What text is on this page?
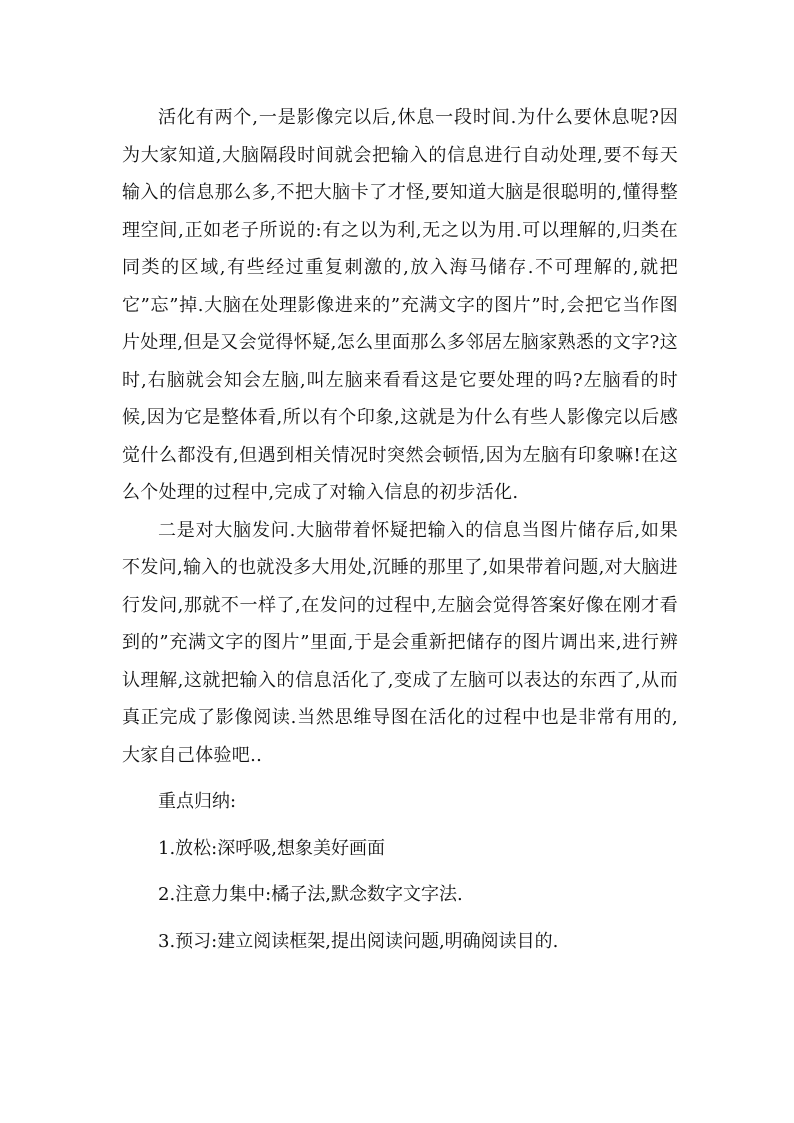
活化有两个,一是影像完以后,休息一段时间.为什么要休息呢?因为大家知道,大脑隔段时间就会把输入的信息进行自动处理,要不每天输入的信息那么多,不把大脑卡了才怪,要知道大脑是很聪明的,懂得整理空间,正如老子所说的:有之以为利,无之以为用.可以理解的,归类在同类的区域,有些经过重复刺激的,放入海马储存.不可理解的,就把它”忘”掉.大脑在处理影像进来的”充满文字的图片”时,会把它当作图片处理,但是又会觉得怀疑,怎么里面那么多邻居左脑家熟悉的文字?这时,右脑就会知会左脑,叫左脑来看看这是它要处理的吗?左脑看的时候,因为它是整体看,所以有个印象,这就是为什么有些人影像完以后感觉什么都没有,但遇到相关情况时突然会顿悟,因为左脑有印象嘛!在这么个处理的过程中,完成了对输入信息的初步活化.

二是对大脑发问.大脑带着怀疑把输入的信息当图片储存后,如果不发问,输入的也就没多大用处,沉睡的那里了,如果带着问题,对大脑进行发问,那就不一样了,在发问的过程中,左脑会觉得答案好像在刚才看到的”充满文字的图片”里面,于是会重新把储存的图片调出来,进行辨认理解,这就把输入的信息活化了,变成了左脑可以表达的东西了,从而真正完成了影像阅读.当然思维导图在活化的过程中也是非常有用的,大家自己体验吧..

重点归纳:

1.放松:深呼吸,想象美好画面

2.注意力集中:橘子法,默念数字文字法.

3.预习:建立阅读框架,提出阅读问题,明确阅读目的.
